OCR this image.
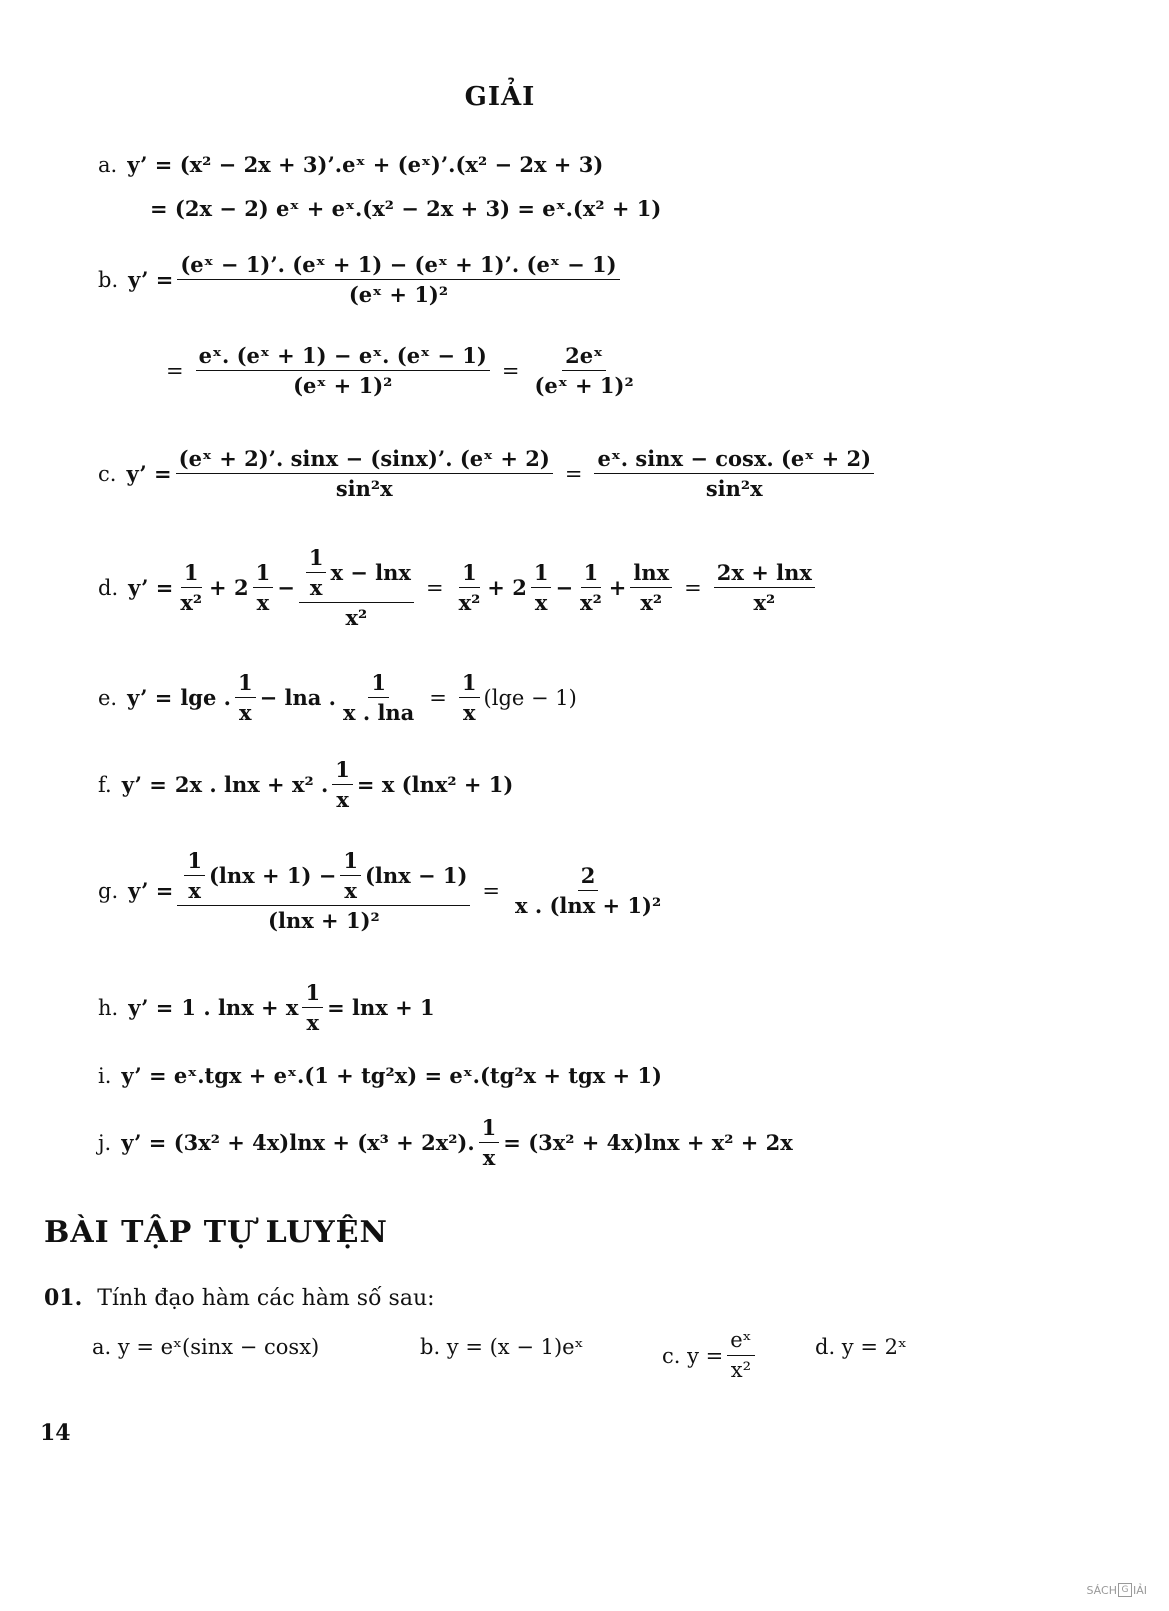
GIẢI
a. y’ = (x² − 2x + 3)’.eˣ + (eˣ)’.(x² − 2x + 3)
= (2x − 2) eˣ + eˣ.(x² − 2x + 3) = eˣ.(x² + 1)
b. y’ = $\frac{\text{(eˣ − 1)’. (eˣ + 1) − (eˣ + 1)’. (eˣ − 1)}}{\text{(eˣ + 1)²}}$
= $\frac{\text{eˣ. (eˣ + 1) − eˣ. (eˣ − 1)}}{\text{(eˣ + 1)²}} = \frac{\text{2eˣ}}{\text{(eˣ + 1)²}}$
c. y’ = $\frac{\text{(eˣ + 2)’. sinx − (sinx)’. (eˣ + 2)}}{\text{sin²x}} = \frac{\text{eˣ. sinx − cosx. (eˣ + 2)}}{\text{sin²x}}$
d. y’ = $\frac{1}{\text{x²}} + 2 \frac{1}{x} - \frac{\frac{1}{x} x - \ln x}{\text{x²}} = \frac{1}{\text{x²}} + 2 \frac{1}{x} - \frac{1}{\text{x²}} + \frac{\ln x}{\text{x²}} = \frac{2x + \ln x}{\text{x²}}$
e. y’ = lge . $\frac{1}{x} - \ln a$ . $\frac{1}{x . \ln a} = \frac{1}{x} (\lg e - 1)$
f. y’ = 2x . lnx + x² . $\frac{1}{x} = x$ (lnx² + 1)
g. y’ = $\frac{1}{x} (\ln x + 1) - \frac{1}{x} (\ln x - 1)$
(lnx + 1)²
= $\frac{2}{\text{x . (lnx + 1)²}}$
h. y’ = 1 . lnx + x $\frac{1}{x} = \ln x + 1$
i. y’ = eˣ.tgx + eˣ.(1 + tg²x) = eˣ.(tg²x + tgx + 1)
j. y’ = (3x² + 4x)lnx + (x³ + 2x²). $\frac{1}{x} = (3x^2 + 4x)\ln x + x^2 + 2x$
BÀI TẬP TỰ LUYỆN
01. Tính đạo hàm các hàm số sau:
a. y = eˣ(sinx − cosx)	b. y = (x − 1)eˣ	c. $y = \frac{\text{eˣ}}{\text{x²}}$	d. y = 2ˣ
14
SÁCH G IẢI
